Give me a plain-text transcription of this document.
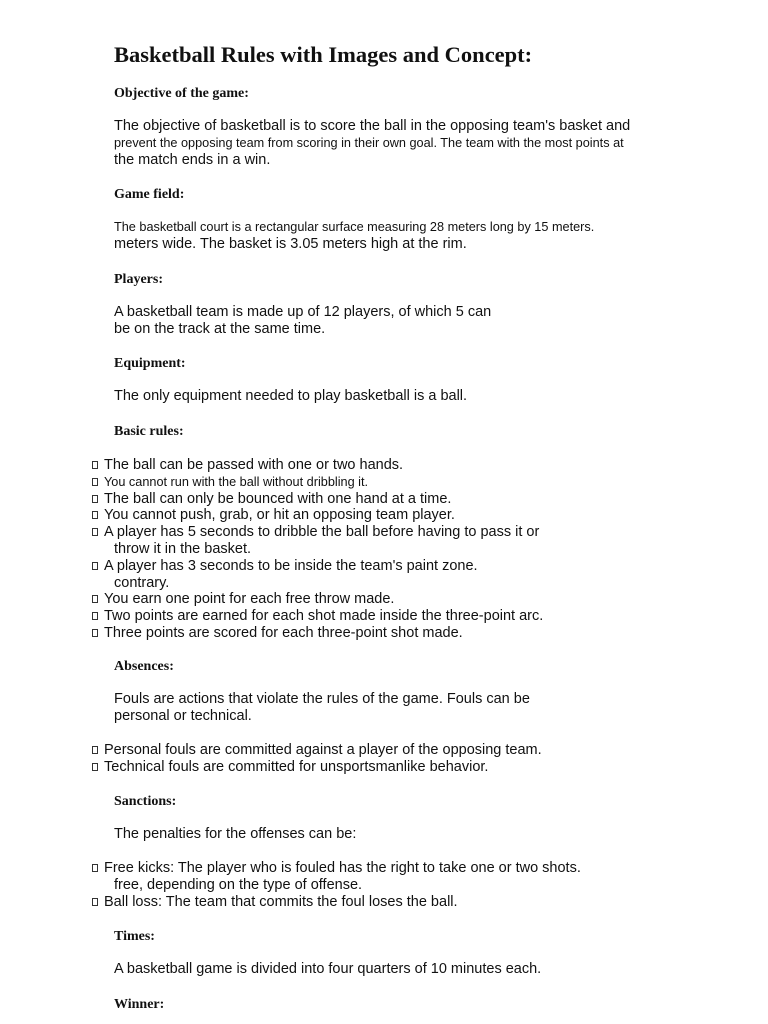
Basketball Rules with Images and Concept:
Objective of the game:
The objective of basketball is to score the ball in the opposing team's basket and
prevent the opposing team from scoring in their own goal. The team with the most points at
the match ends in a win.
Game field:
The basketball court is a rectangular surface measuring 28 meters long by 15 meters.
meters wide. The basket is 3.05 meters high at the rim.
Players:
A basketball team is made up of 12 players, of which 5 can
be on the track at the same time.
Equipment:
The only equipment needed to play basketball is a ball.
Basic rules:
The ball can be passed with one or two hands.
You cannot run with the ball without dribbling it.
The ball can only be bounced with one hand at a time.
You cannot push, grab, or hit an opposing team player.
A player has 5 seconds to dribble the ball before having to pass it or
throw it in the basket.
A player has 3 seconds to be inside the team's paint zone.
contrary.
You earn one point for each free throw made.
Two points are earned for each shot made inside the three-point arc.
Three points are scored for each three-point shot made.
Absences:
Fouls are actions that violate the rules of the game. Fouls can be
personal or technical.
Personal fouls are committed against a player of the opposing team.
Technical fouls are committed for unsportsmanlike behavior.
Sanctions:
The penalties for the offenses can be:
Free kicks: The player who is fouled has the right to take one or two shots.
free, depending on the type of offense.
Ball loss: The team that commits the foul loses the ball.
Times:
A basketball game is divided into four quarters of 10 minutes each.
Winner:
